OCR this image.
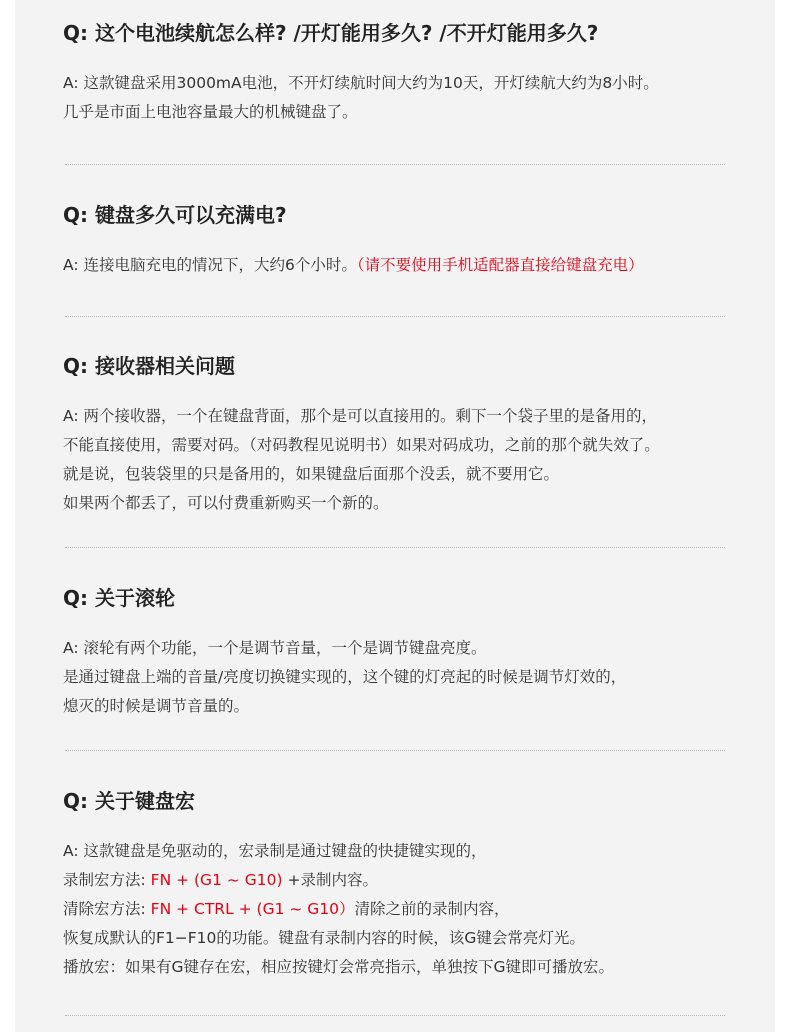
Q: 这个电池续航怎么样? /开灯能用多久? /不开灯能用多久?
A: 这款键盘采用3000mA电池，不开灯续航时间大约为10天，开灯续航大约为8小时。
几乎是市面上电池容量最大的机械键盘了。
Q: 键盘多久可以充满电?
A: 连接电脑充电的情况下，大约6个小时。（请不要使用手机适配器直接给键盘充电）
Q: 接收器相关问题
A: 两个接收器，一个在键盘背面，那个是可以直接用的。剩下一个袋子里的是备用的，
不能直接使用，需要对码。（对码教程见说明书）如果对码成功，之前的那个就失效了。
就是说，包装袋里的只是备用的，如果键盘后面那个没丢，就不要用它。
如果两个都丢了，可以付费重新购买一个新的。
Q: 关于滚轮
A: 滚轮有两个功能，一个是调节音量，一个是调节键盘亮度。
是通过键盘上端的音量/亮度切换键实现的，这个键的灯亮起的时候是调节灯效的，
熄灭的时候是调节音量的。
Q: 关于键盘宏
A: 这款键盘是免驱动的，宏录制是通过键盘的快捷键实现的，
录制宏方法: FN + (G1 ~ G10) +录制内容。
清除宏方法: FN + CTRL + (G1 ~ G10）清除之前的录制内容，
恢复成默认的F1−F10的功能。键盘有录制内容的时候，该G键会常亮灯光。
播放宏：如果有G键存在宏，相应按键灯会常亮指示，单独按下G键即可播放宏。
